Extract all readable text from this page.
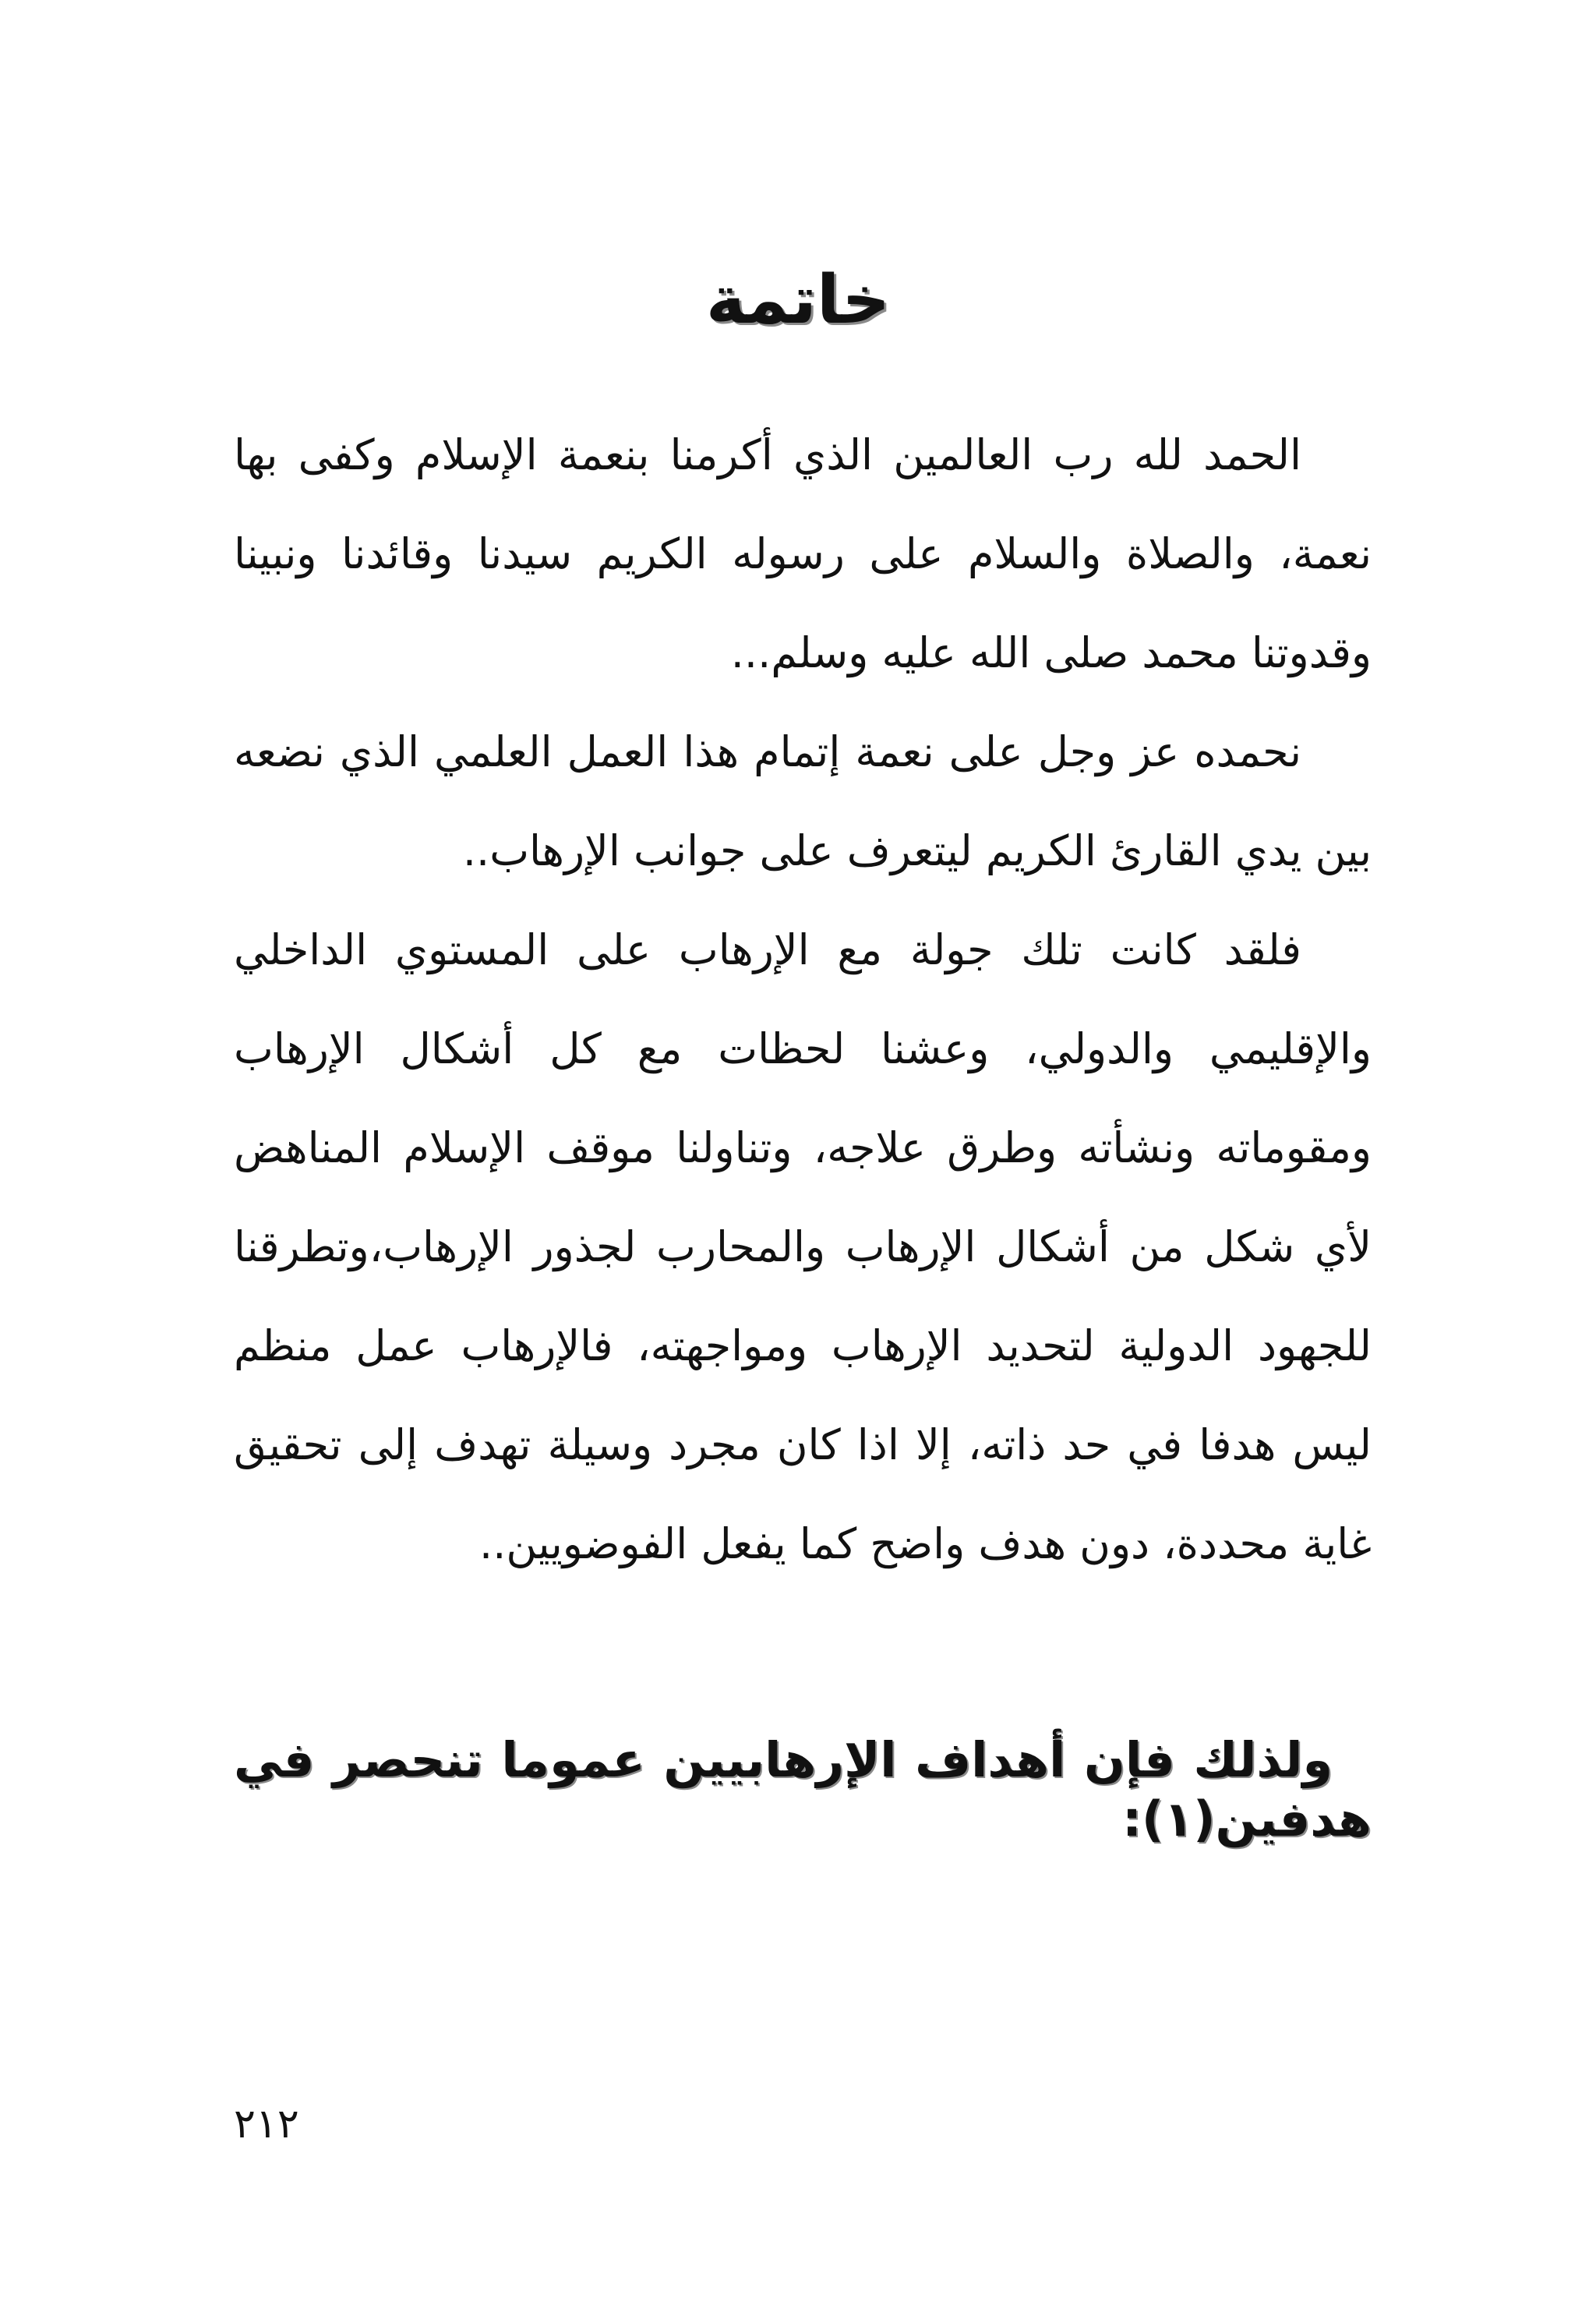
خاتمة

الحمد لله رب العالمين الذي أكرمنا بنعمة الإسلام وكفى بها نعمة، والصلاة والسلام على رسوله الكريم سيدنا وقائدنا ونبينا وقدوتنا محمد صلى الله عليه وسلم...

نحمده عز وجل على نعمة إتمام هذا العمل العلمي الذي نضعه بين يدي القارئ الكريم ليتعرف على جوانب الإرهاب..

فلقد كانت تلك جولة مع الإرهاب على المستوي الداخلي والإقليمي والدولي، وعشنا لحظات مع كل أشكال الإرهاب ومقوماته ونشأته وطرق علاجه، وتناولنا موقف الإسلام المناهض لأي شكل من أشكال الإرهاب والمحارب لجذور الإرهاب،وتطرقنا للجهود الدولية لتحديد الإرهاب ومواجهته، فالإرهاب عمل منظم ليس هدفا في حد ذاته، إلا اذا كان مجرد وسيلة تهدف إلى تحقيق غاية محددة، دون هدف واضح كما يفعل الفوضويين..

ولذلك فإن أهداف الإرهابيين عموما تنحصر في هدفين(١):

٢١٢
